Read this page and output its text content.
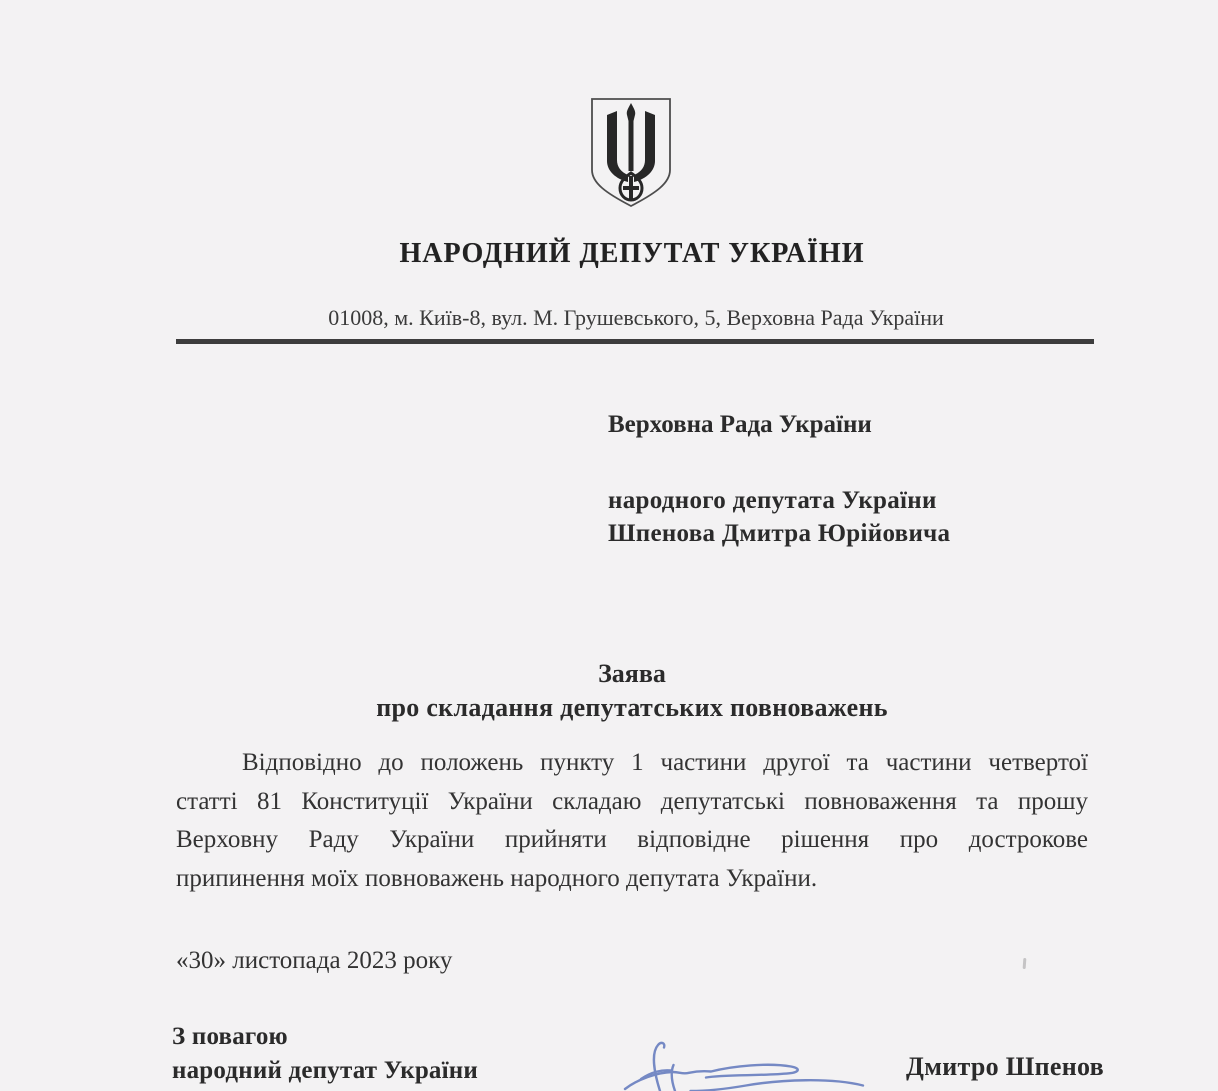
НАРОДНИЙ ДЕПУТАТ УКРАЇНИ
01008, м. Київ-8, вул. М. Грушевського, 5, Верховна Рада України
Верховна Рада України
народного депутата України
Шпенова Дмитра Юрійовича
Заява
про складання депутатських повноважень
Відповідно до положень пункту 1 частини другої та частини четвертої
статті 81 Конституції України складаю депутатські повноваження та прошу
Верховну Раду України прийняти відповідне рішення про дострокове
припинення моїх повноважень народного депутата України.
«30» листопада 2023 року
З повагою
народний депутат України	Дмитро Шпенов
